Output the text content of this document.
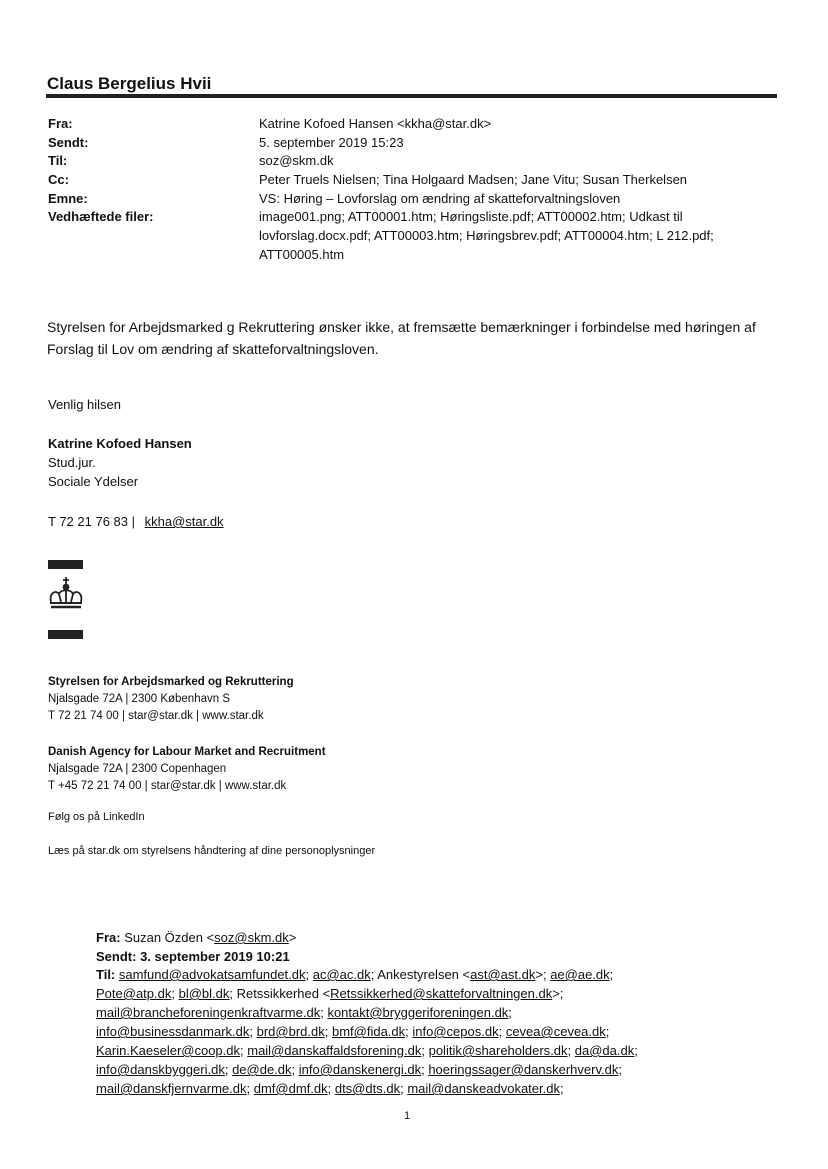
Claus Bergelius Hvii
Fra:	Katrine Kofoed Hansen <kkha@star.dk>
Sendt:	5. september 2019 15:23
Til:	soz@skm.dk
Cc:	Peter Truels Nielsen; Tina Holgaard Madsen; Jane Vitu; Susan Therkelsen
Emne:	VS: Høring – Lovforslag om ændring af skatteforvaltningsloven
Vedhæftede filer:	image001.png; ATT00001.htm; Høringsliste.pdf; ATT00002.htm; Udkast til
lovforslag.docx.pdf; ATT00003.htm; Høringsbrev.pdf; ATT00004.htm; L 212.pdf;
ATT00005.htm
Styrelsen for Arbejdsmarked g Rekruttering ønsker ikke, at fremsætte bemærkninger i forbindelse med høringen af
Forslag til Lov om ændring af skatteforvaltningsloven.
Venlig hilsen
Katrine Kofoed Hansen
Stud.jur.
Sociale Ydelser
T 72 21 76 83 | kkha@star.dk
Styrelsen for Arbejdsmarked og Rekruttering
Njalsgade 72A | 2300 København S
T 72 21 74 00 | star@star.dk | www.star.dk
Danish Agency for Labour Market and Recruitment
Njalsgade 72A | 2300 Copenhagen
T +45 72 21 74 00 | star@star.dk | www.star.dk
Følg os på LinkedIn
Læs på star.dk om styrelsens håndtering af dine personoplysninger
Fra: Suzan Özden <soz@skm.dk>
Sendt: 3. september 2019 10:21
Til: samfund@advokatsamfundet.dk; ac@ac.dk; Ankestyrelsen <ast@ast.dk>; ae@ae.dk;
Pote@atp.dk; bl@bl.dk; Retssikkerhed <Retssikkerhed@skatteforvaltningen.dk>;
mail@brancheforeningenkraftvarme.dk; kontakt@bryggeriforeningen.dk;
info@businessdanmark.dk; brd@brd.dk; bmf@fida.dk; info@cepos.dk; cevea@cevea.dk;
Karin.Kaeseler@coop.dk; mail@danskaffaldsforening.dk; politik@shareholders.dk; da@da.dk;
info@danskbyggeri.dk; de@de.dk; info@danskenergi.dk; hoeringssager@danskerhverv.dk;
mail@danskfjernvarme.dk; dmf@dmf.dk; dts@dts.dk; mail@danskeadvokater.dk;
1
